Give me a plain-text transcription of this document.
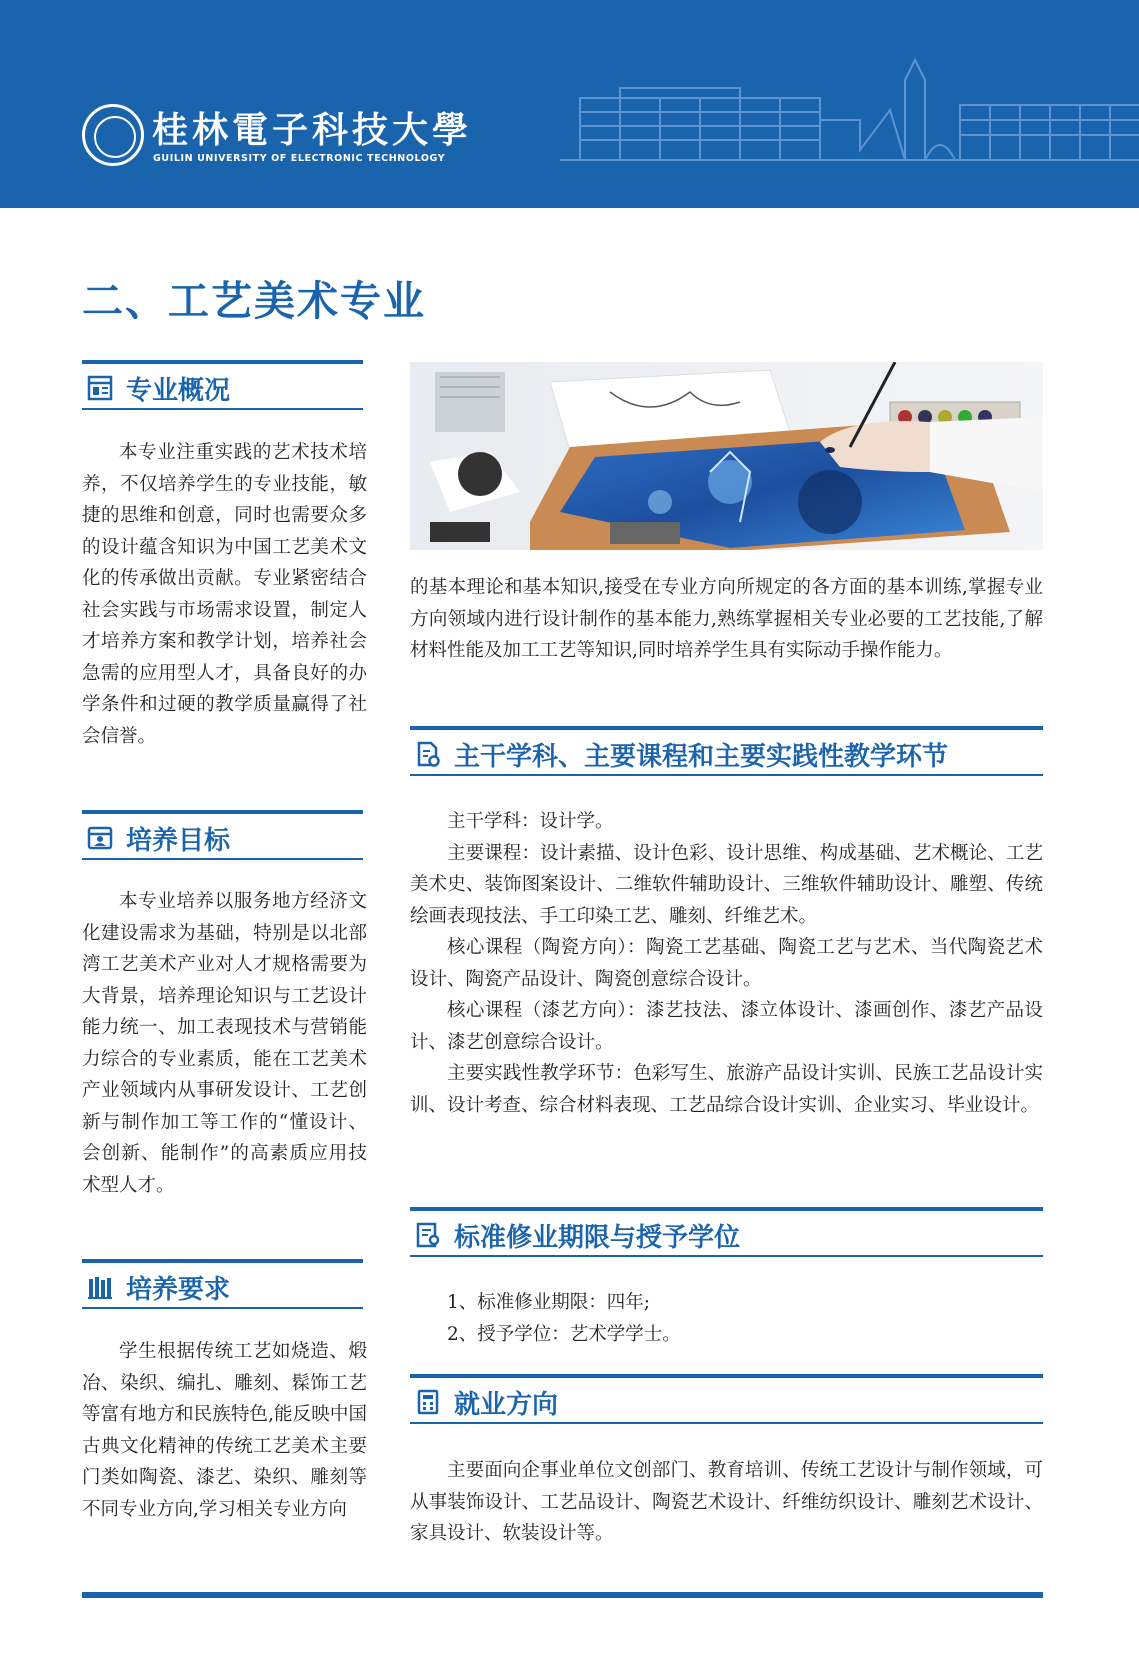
桂林電子科技大學
GUILIN UNIVERSITY OF ELECTRONIC TECHNOLOGY
二、工艺美术专业
专业概况
本专业注重实践的艺术技术培养，不仅培养学生的专业技能，敏捷的思维和创意，同时也需要众多的设计蕴含知识为中国工艺美术文化的传承做出贡献。专业紧密结合社会实践与市场需求设置，制定人才培养方案和教学计划，培养社会急需的应用型人才，具备良好的办学条件和过硬的教学质量赢得了社会信誉。
培养目标
本专业培养以服务地方经济文化建设需求为基础，特别是以北部湾工艺美术产业对人才规格需要为大背景，培养理论知识与工艺设计能力统一、加工表现技术与营销能力综合的专业素质，能在工艺美术产业领域内从事研发设计、工艺创新与制作加工等工作的“懂设计、会创新、能制作”的高素质应用技术型人才。
培养要求
学生根据传统工艺如烧造、煅冶、染织、编扎、雕刻、髹饰工艺等富有地方和民族特色,能反映中国古典文化精神的传统工艺美术主要门类如陶瓷、漆艺、染织、雕刻等不同专业方向,学习相关专业方向
的基本理论和基本知识,接受在专业方向所规定的各方面的基本训练,掌握专业方向领域内进行设计制作的基本能力,熟练掌握相关专业必要的工艺技能,了解材料性能及加工工艺等知识,同时培养学生具有实际动手操作能力。
主干学科、主要课程和主要实践性教学环节

主干学科：设计学。

主要课程：设计素描、设计色彩、设计思维、构成基础、艺术概论、工艺美术史、装饰图案设计、二维软件辅助设计、三维软件辅助设计、雕塑、传统绘画表现技法、手工印染工艺、雕刻、纤维艺术。

核心课程（陶瓷方向）：陶瓷工艺基础、陶瓷工艺与艺术、当代陶瓷艺术设计、陶瓷产品设计、陶瓷创意综合设计。

核心课程（漆艺方向）：漆艺技法、漆立体设计、漆画创作、漆艺产品设计、漆艺创意综合设计。

主要实践性教学环节：色彩写生、旅游产品设计实训、民族工艺品设计实训、设计考查、综合材料表现、工艺品综合设计实训、企业实习、毕业设计。

标准修业期限与授予学位

1、标准修业期限：四年;

2、授予学位：艺术学学士。

就业方向
主要面向企事业单位文创部门、教育培训、传统工艺设计与制作领域，可从事装饰设计、工艺品设计、陶瓷艺术设计、纤维纺织设计、雕刻艺术设计、家具设计、软装设计等。
